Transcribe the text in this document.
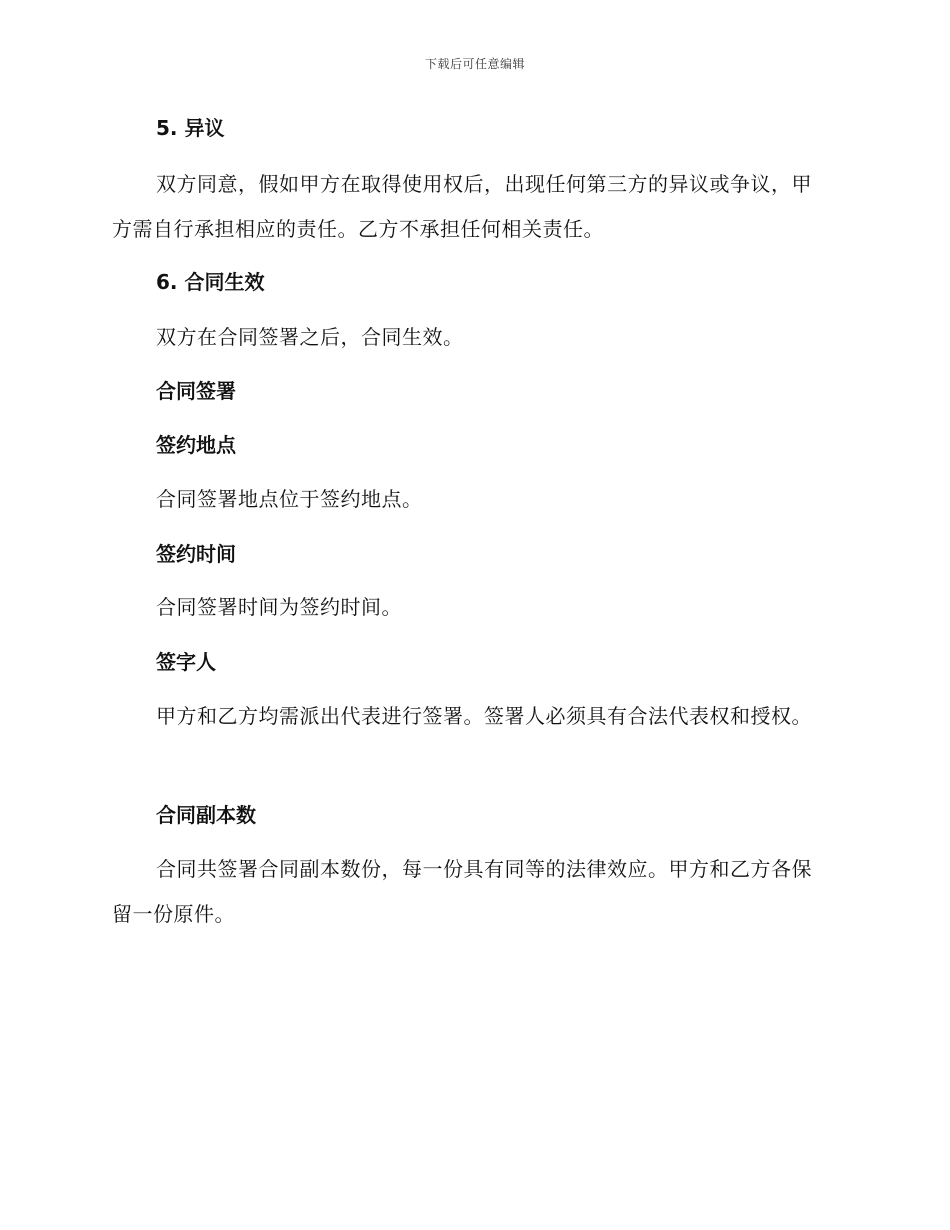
下载后可任意编辑
5. 异议
双方同意，假如甲方在取得使用权后，出现任何第三方的异议或争议，甲方需自行承担相应的责任。乙方不承担任何相关责任。
6. 合同生效
双方在合同签署之后，合同生效。
合同签署
签约地点
合同签署地点位于签约地点。
签约时间
合同签署时间为签约时间。
签字人
甲方和乙方均需派出代表进行签署。签署人必须具有合法代表权和授权。
合同副本数
合同共签署合同副本数份，每一份具有同等的法律效应。甲方和乙方各保留一份原件。
